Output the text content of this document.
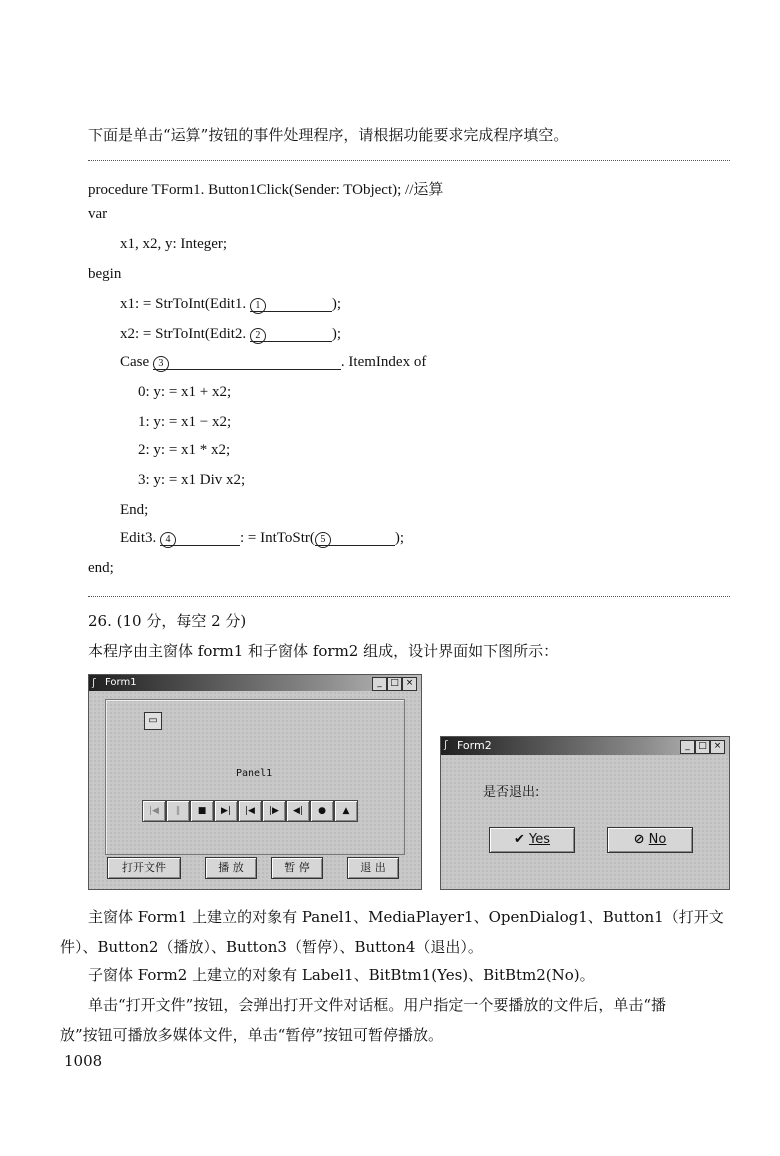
下面是单击“运算”按钮的事件处理程序，请根据功能要求完成程序填空。
procedure TForm1. Button1Click(Sender: TObject); //运算
var
x1, x2, y: Integer;
begin
x1: = StrToInt(Edit1. 1	);
x2: = StrToInt(Edit2. 2	);
Case 3	. ItemIndex of
0: y: = x1 + x2;
1: y: = x1 − x2;
2: y: = x1 * x2;
3: y: = x1 Div x2;
End;
Edit3. 4	: = IntToStr( 5	);
end;
26. (10 分，每空 2 分)
本程序由主窗体 form1 和子窗体 form2 组成，设计界面如下图所示：
ʃ Form1	_ □ ×
▭
Panel1
|◀	‖	■	▶|	|◀	|▶	◀|	●	▲
打开文件	播 放	暂 停	退 出
ʃ Form2	_ □ ×
是否退出:
✔ Yes	⊘ No
主窗体 Form1 上建立的对象有 Panel1、MediaPlayer1、OpenDialog1、Button1（打开文
件）、Button2（播放）、Button3（暂停）、Button4（退出）。
子窗体 Form2 上建立的对象有 Label1、BitBtm1(Yes)、BitBtm2(No)。
单击“打开文件”按钮，会弹出打开文件对话框。用户指定一个要播放的文件后，单击“播
放”按钮可播放多媒体文件，单击“暂停”按钮可暂停播放。
1008
